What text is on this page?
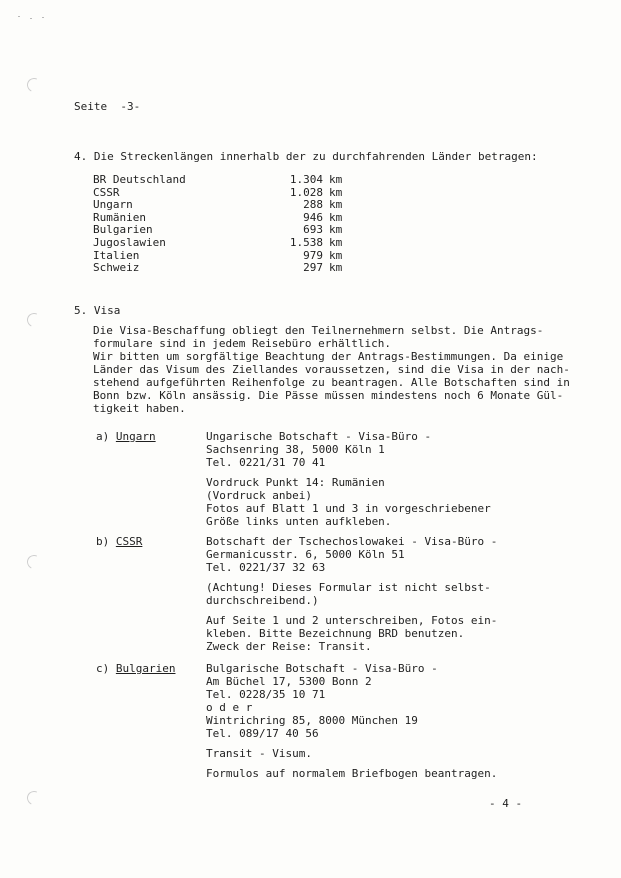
Seite  -3-
4. Die Streckenlängen innerhalb der zu durchfahrenden Länder betragen:
BR Deutschland	1.304 km
CSSR	1.028 km
Ungarn	288 km
Rumänien	946 km
Bulgarien	693 km
Jugoslawien	1.538 km
Italien	979 km
Schweiz	297 km
5. Visa
Die Visa-Beschaffung obliegt den Teilnernehmern selbst. Die Antrags-
formulare sind in jedem Reisebüro erhältlich.
Wir bitten um sorgfältige Beachtung der Antrags-Bestimmungen. Da einige
Länder das Visum des Ziellandes voraussetzen, sind die Visa in der nach-
stehend aufgeführten Reihenfolge zu beantragen. Alle Botschaften sind in
Bonn bzw. Köln ansässig. Die Pässe müssen mindestens noch 6 Monate Gül-
tigkeit haben.
a) Ungarn	Ungarische Botschaft - Visa-Büro -
Sachsenring 38, 5000 Köln 1
Tel. 0221/31 70 41
Vordruck Punkt 14: Rumänien
(Vordruck anbei)
Fotos auf Blatt 1 und 3 in vorgeschriebener
Größe links unten aufkleben.
b) CSSR	Botschaft der Tschechoslowakei - Visa-Büro -
Germanicusstr. 6, 5000 Köln 51
Tel. 0221/37 32 63
(Achtung! Dieses Formular ist nicht selbst-
durchschreibend.)
Auf Seite 1 und 2 unterschreiben, Fotos ein-
kleben. Bitte Bezeichnung BRD benutzen.
Zweck der Reise: Transit.
c) Bulgarien	Bulgarische Botschaft - Visa-Büro -
Am Büchel 17, 5300 Bonn 2
Tel. 0228/35 10 71
o d e r
Wintrichring 85, 8000 München 19
Tel. 089/17 40 56
Transit - Visum.
Formulos auf normalem Briefbogen beantragen.
- 4 -
